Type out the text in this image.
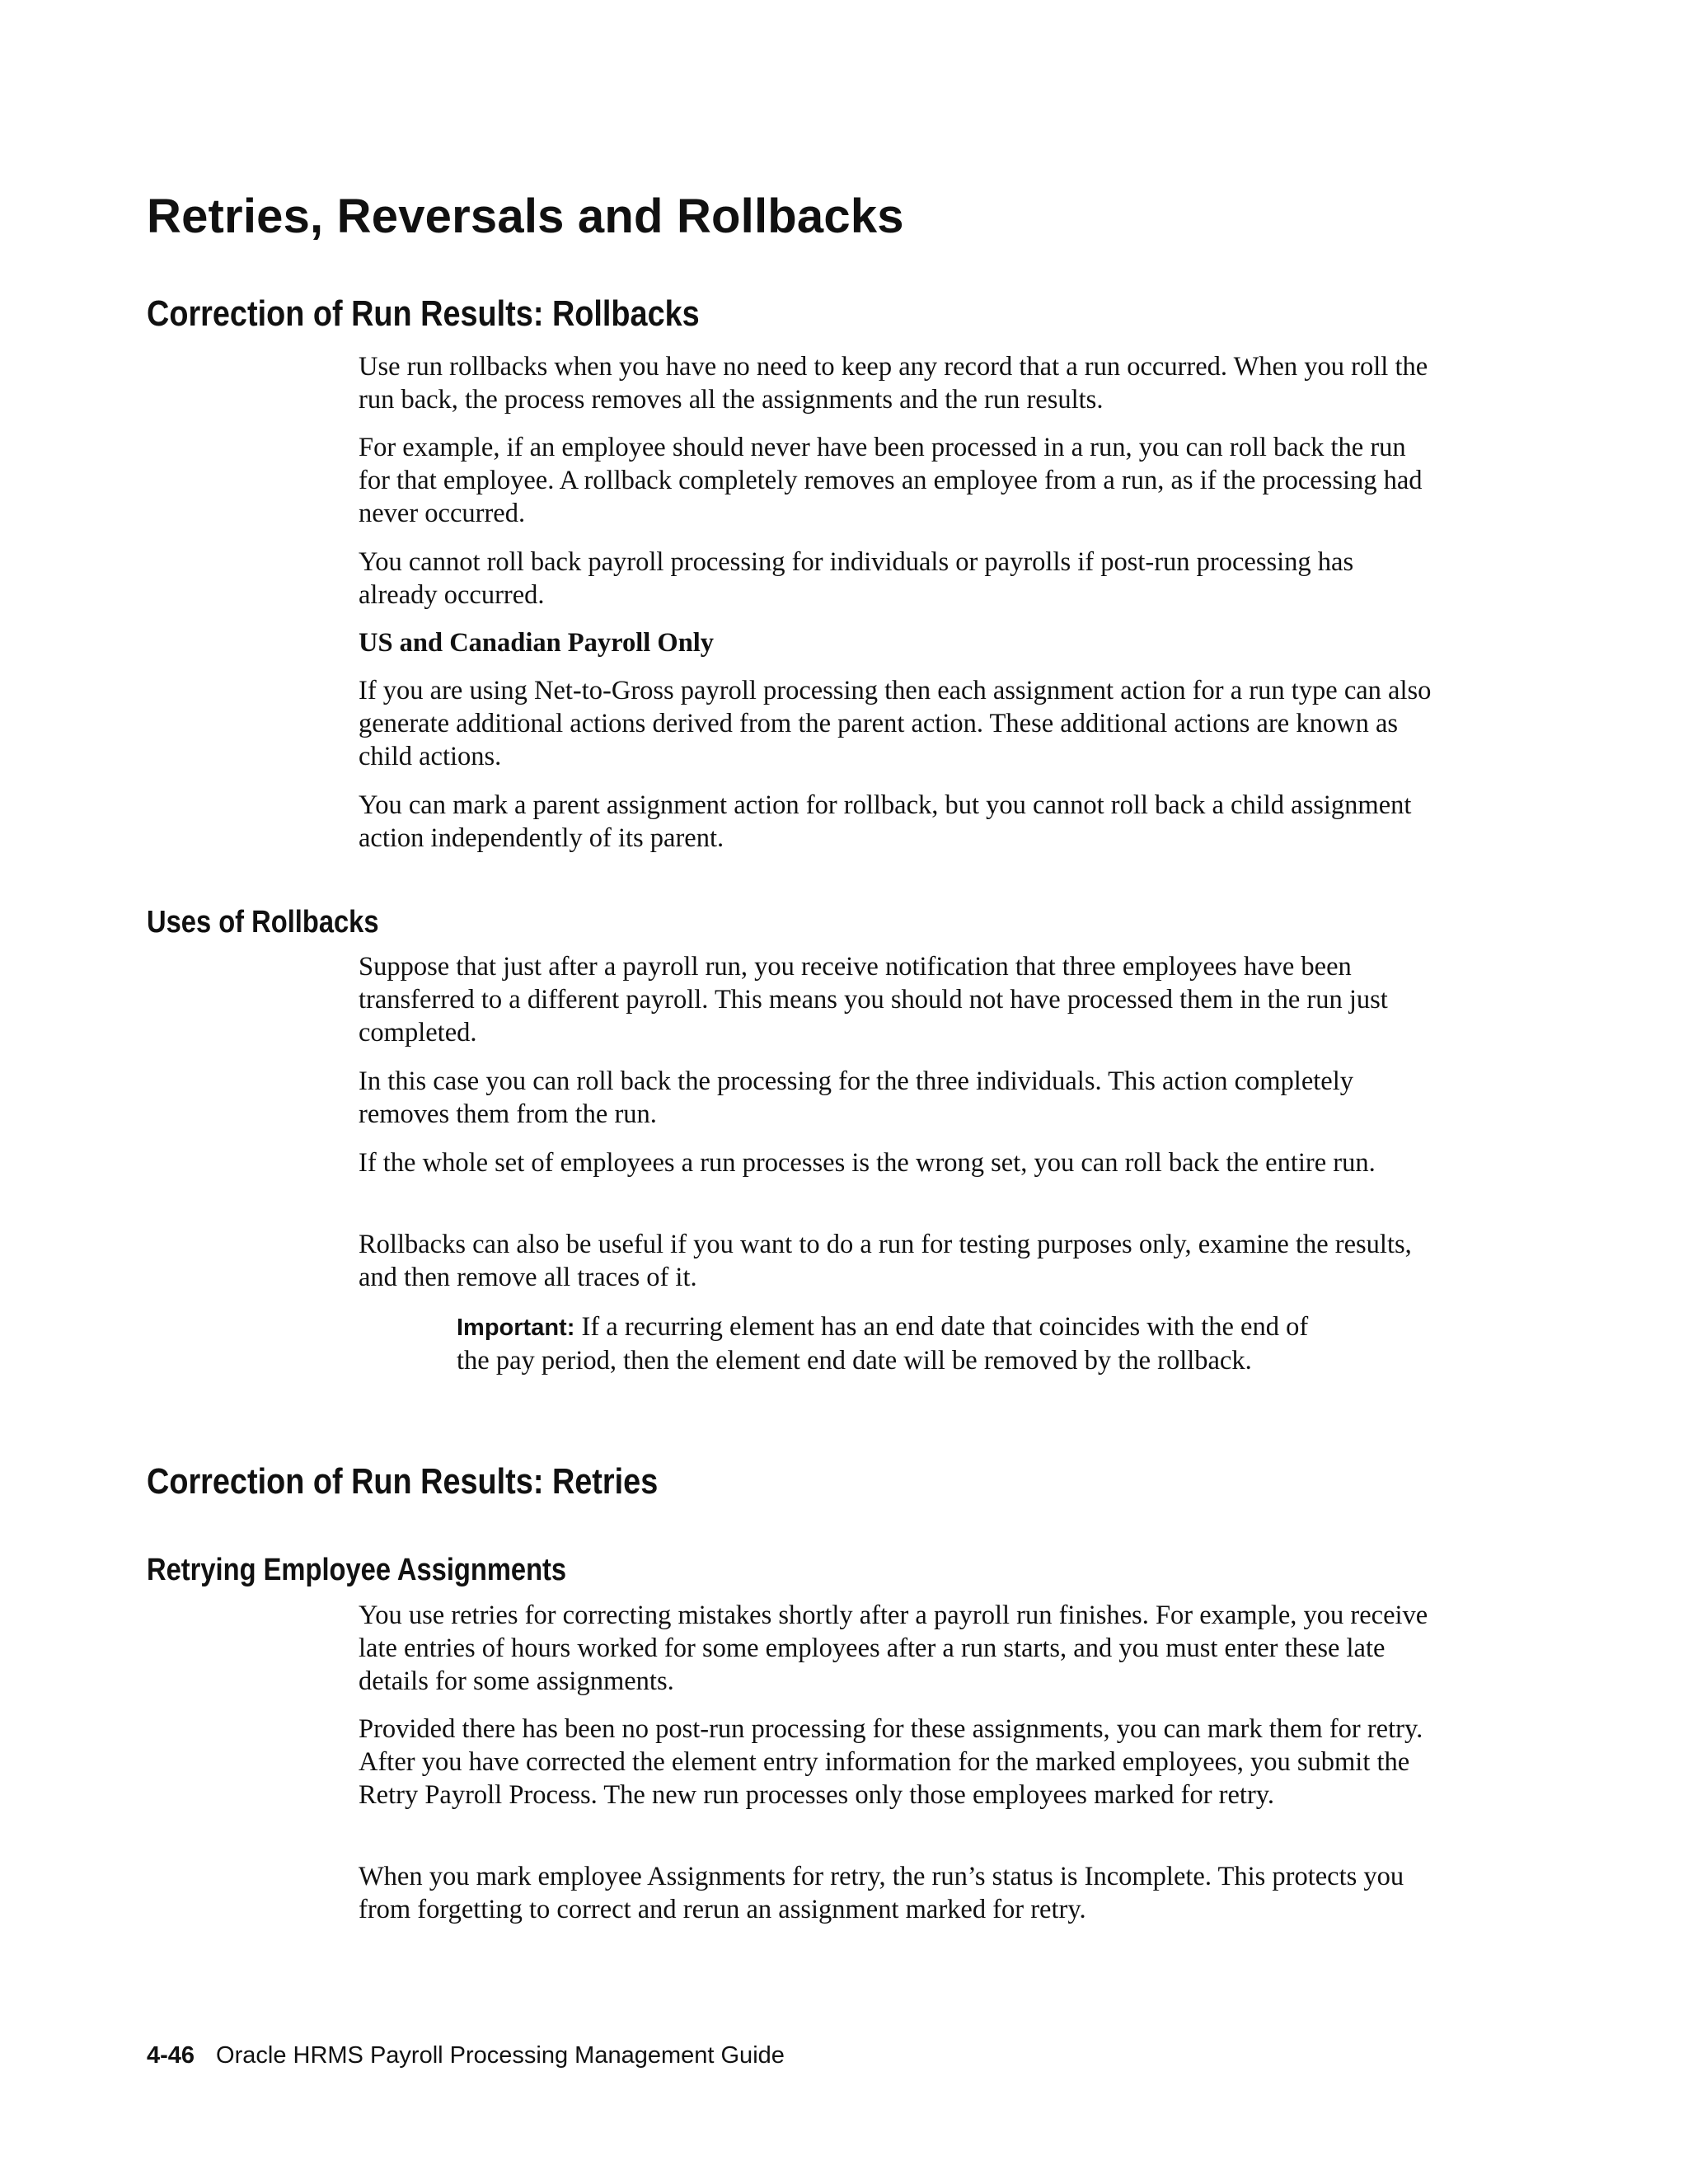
Retries, Reversals and Rollbacks
Correction of Run Results: Rollbacks

Use run rollbacks when you have no need to keep any record that a run occurred. When you roll the run back, the process removes all the assignments and the run results.

For example, if an employee should never have been processed in a run, you can roll back the run for that employee. A rollback completely removes an employee from a run, as if the processing had never occurred.

You cannot roll back payroll processing for individuals or payrolls if post-run processing has already occurred.

US and Canadian Payroll Only

If you are using Net-to-Gross payroll processing then each assignment action for a run type can also generate additional actions derived from the parent action. These additional actions are known as child actions.

You can mark a parent assignment action for rollback, but you cannot roll back a child assignment action independently of its parent.

Uses of Rollbacks

Suppose that just after a payroll run, you receive notification that three employees have been transferred to a different payroll. This means you should not have processed them in the run just completed.

In this case you can roll back the processing for the three individuals. This action completely removes them from the run.

If the whole set of employees a run processes is the wrong set, you can roll back the entire run.

Rollbacks can also be useful if you want to do a run for testing purposes only, examine the results, and then remove all traces of it.

Important: If a recurring element has an end date that coincides with the end of the pay period, then the element end date will be removed by the rollback.

Correction of Run Results: Retries
Retrying Employee Assignments

You use retries for correcting mistakes shortly after a payroll run finishes. For example, you receive late entries of hours worked for some employees after a run starts, and you must enter these late details for some assignments.

Provided there has been no post-run processing for these assignments, you can mark them for retry. After you have corrected the element entry information for the marked employees, you submit the Retry Payroll Process. The new run processes only those employees marked for retry.

When you mark employee Assignments for retry, the run’s status is Incomplete. This protects you from forgetting to correct and rerun an assignment marked for retry.

4-46 Oracle HRMS Payroll Processing Management Guide
